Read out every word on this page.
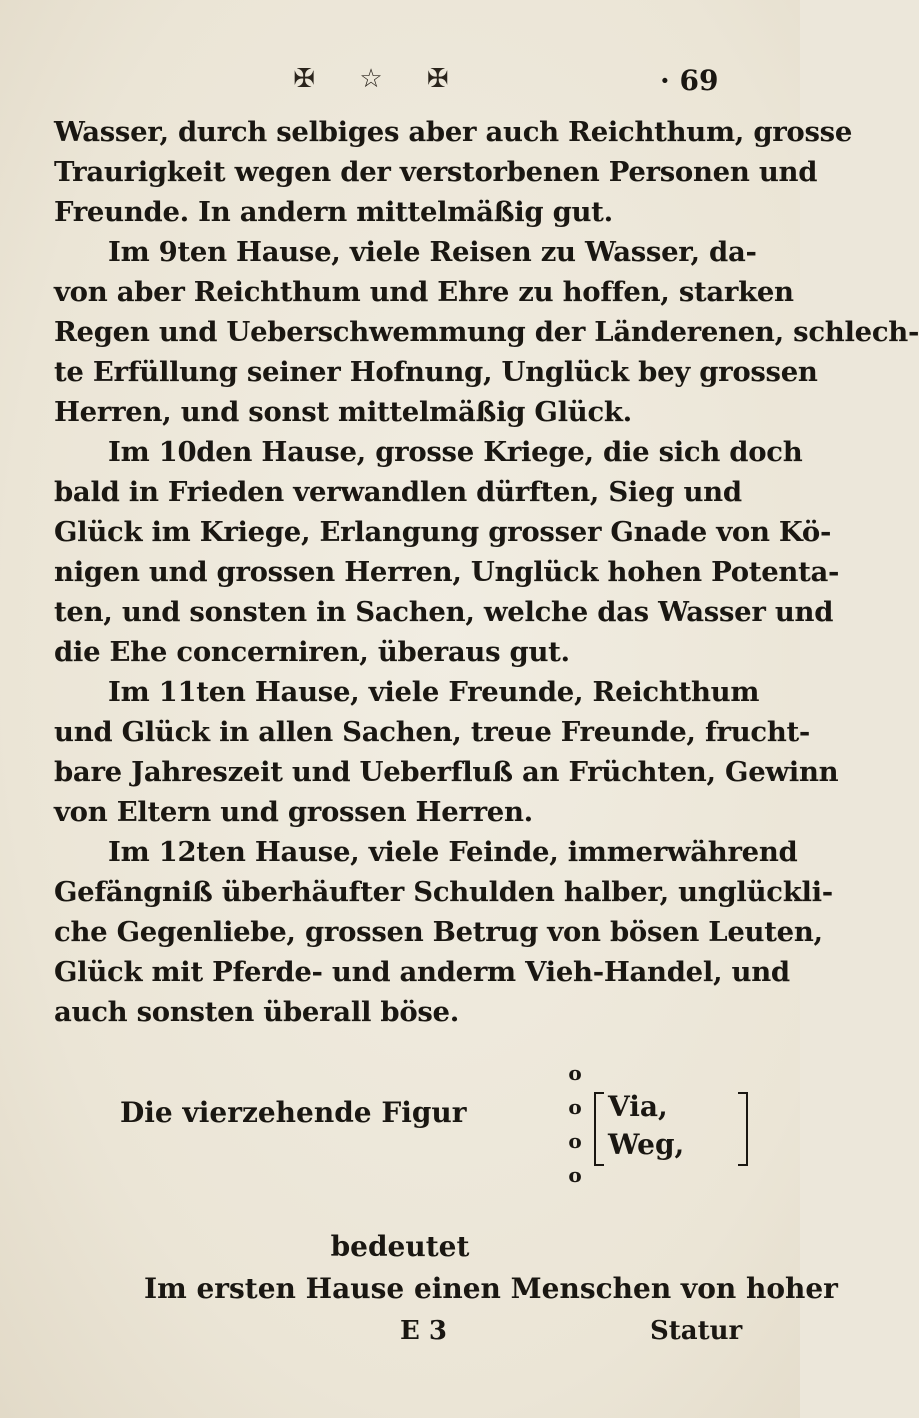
✠ ☆ ✠	· 69
Wasser, durch selbiges aber auch Reichthum, grosse
Traurigkeit wegen der verstorbenen Personen und
Freunde. In andern mittelmäßig gut.
Im 9ten Hause, viele Reisen zu Wasser, da-
von aber Reichthum und Ehre zu hoffen, starken
Regen und Ueberschwemmung der Länderenen, schlech-
te Erfüllung seiner Hofnung, Unglück bey grossen
Herren, und sonst mittelmäßig Glück.
Im 10den Hause, grosse Kriege, die sich doch
bald in Frieden verwandlen dürften, Sieg und
Glück im Kriege, Erlangung grosser Gnade von Kö-
nigen und grossen Herren, Unglück hohen Potenta-
ten, und sonsten in Sachen, welche das Wasser und
die Ehe concerniren, überaus gut.
Im 11ten Hause, viele Freunde, Reichthum
und Glück in allen Sachen, treue Freunde, frucht-
bare Jahreszeit und Ueberfluß an Früchten, Gewinn
von Eltern und grossen Herren.
Im 12ten Hause, viele Feinde, immerwährend
Gefängniß überhäufter Schulden halber, unglückli-
che Gegenliebe, grossen Betrug von bösen Leuten,
Glück mit Pferde- und anderm Vieh-Handel, und
auch sonsten überall böse.
Die vierzehende Figur
o
o
o
o
Via,
Weg,
bedeutet
Im ersten Hause einen Menschen von hoher
E 3	Statur
